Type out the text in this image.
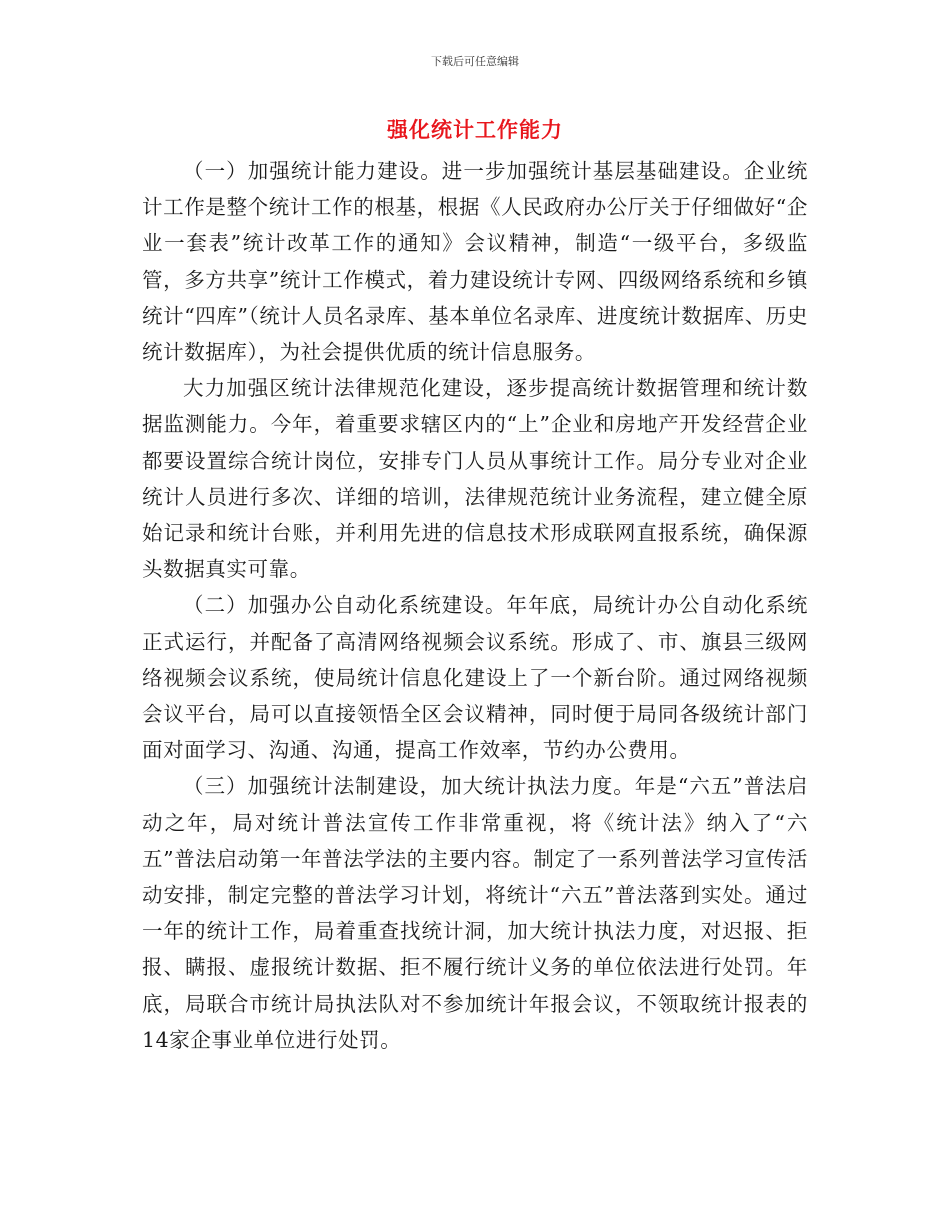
下载后可任意编辑
强化统计工作能力

（一）加强统计能力建设。进一步加强统计基层基础建设。企业统计工作是整个统计工作的根基，根据《人民政府办公厅关于仔细做好“企业一套表”统计改革工作的通知》会议精神，制造“一级平台，多级监管，多方共享”统计工作模式，着力建设统计专网、四级网络系统和乡镇统计“四库”（统计人员名录库、基本单位名录库、进度统计数据库、历史统计数据库），为社会提供优质的统计信息服务。

大力加强区统计法律规范化建设，逐步提高统计数据管理和统计数据监测能力。今年，着重要求辖区内的“上”企业和房地产开发经营企业都要设置综合统计岗位，安排专门人员从事统计工作。局分专业对企业统计人员进行多次、详细的培训，法律规范统计业务流程，建立健全原始记录和统计台账，并利用先进的信息技术形成联网直报系统，确保源头数据真实可靠。

（二）加强办公自动化系统建设。年年底，局统计办公自动化系统正式运行，并配备了高清网络视频会议系统。形成了、市、旗县三级网络视频会议系统，使局统计信息化建设上了一个新台阶。通过网络视频会议平台，局可以直接领悟全区会议精神，同时便于局同各级统计部门面对面学习、沟通、沟通，提高工作效率，节约办公费用。

（三）加强统计法制建设，加大统计执法力度。年是“六五”普法启动之年，局对统计普法宣传工作非常重视，将《统计法》纳入了“六五”普法启动第一年普法学法的主要内容。制定了一系列普法学习宣传活动安排，制定完整的普法学习计划，将统计“六五”普法落到实处。通过一年的统计工作，局着重查找统计洞，加大统计执法力度，对迟报、拒报、瞒报、虚报统计数据、拒不履行统计义务的单位依法进行处罚。年底，局联合市统计局执法队对不参加统计年报会议，不领取统计报表的14家企事业单位进行处罚。
